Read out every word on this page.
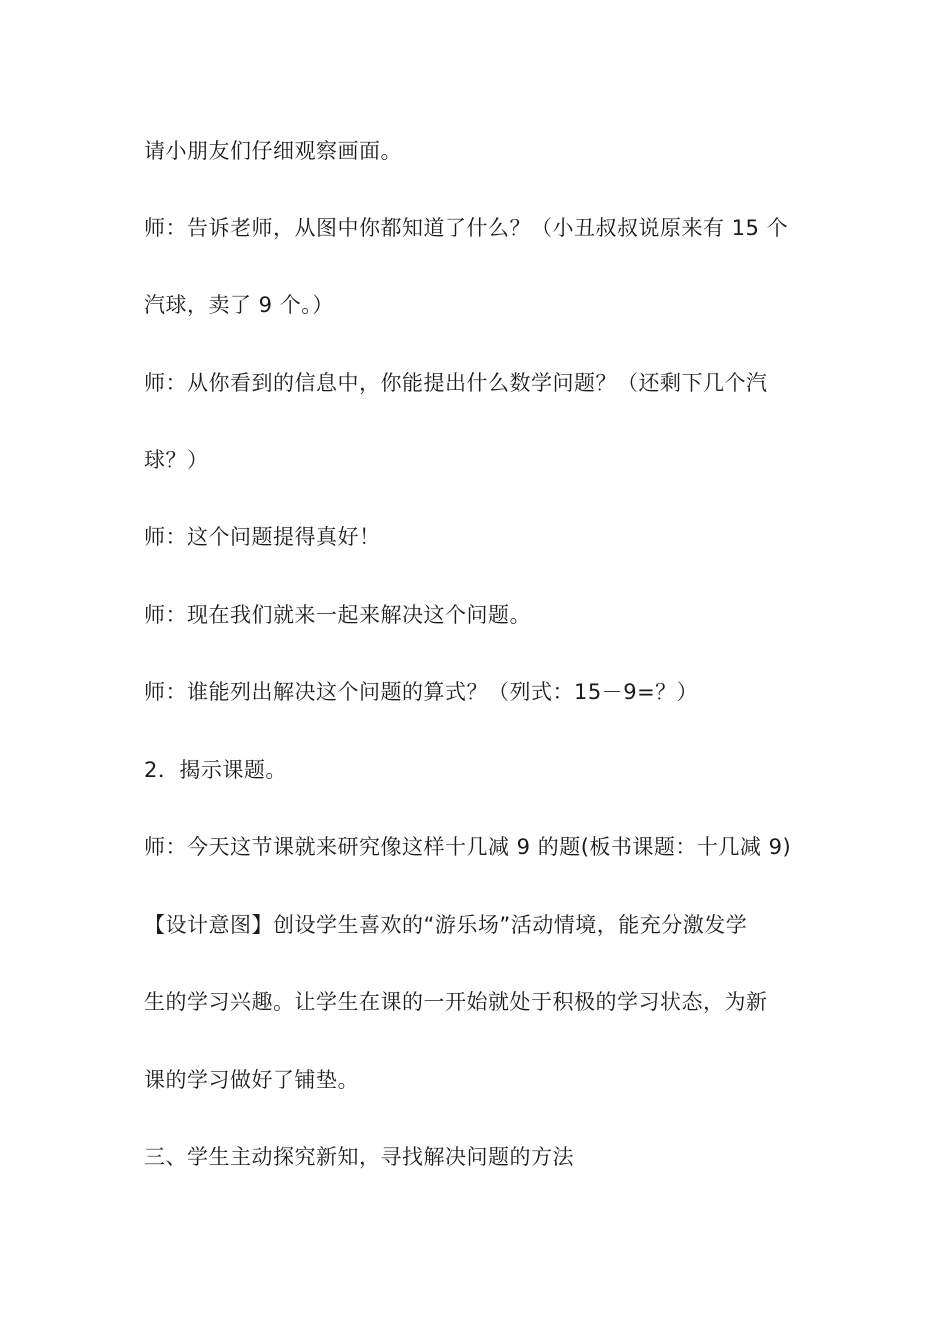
请小朋友们仔细观察画面。
师：告诉老师，从图中你都知道了什么？（小丑叔叔说原来有 15 个
汽球，卖了 9 个。）
师：从你看到的信息中，你能提出什么数学问题？（还剩下几个汽
球？）
师：这个问题提得真好！
师：现在我们就来一起来解决这个问题。
师：谁能列出解决这个问题的算式？（列式：15－9=？）
2．揭示课题。
师：今天这节课就来研究像这样十几减 9 的题(板书课题：十几减 9)
【设计意图】创设学生喜欢的“游乐场”活动情境，能充分激发学
生的学习兴趣。让学生在课的一开始就处于积极的学习状态，为新
课的学习做好了铺垫。
三、学生主动探究新知，寻找解决问题的方法
